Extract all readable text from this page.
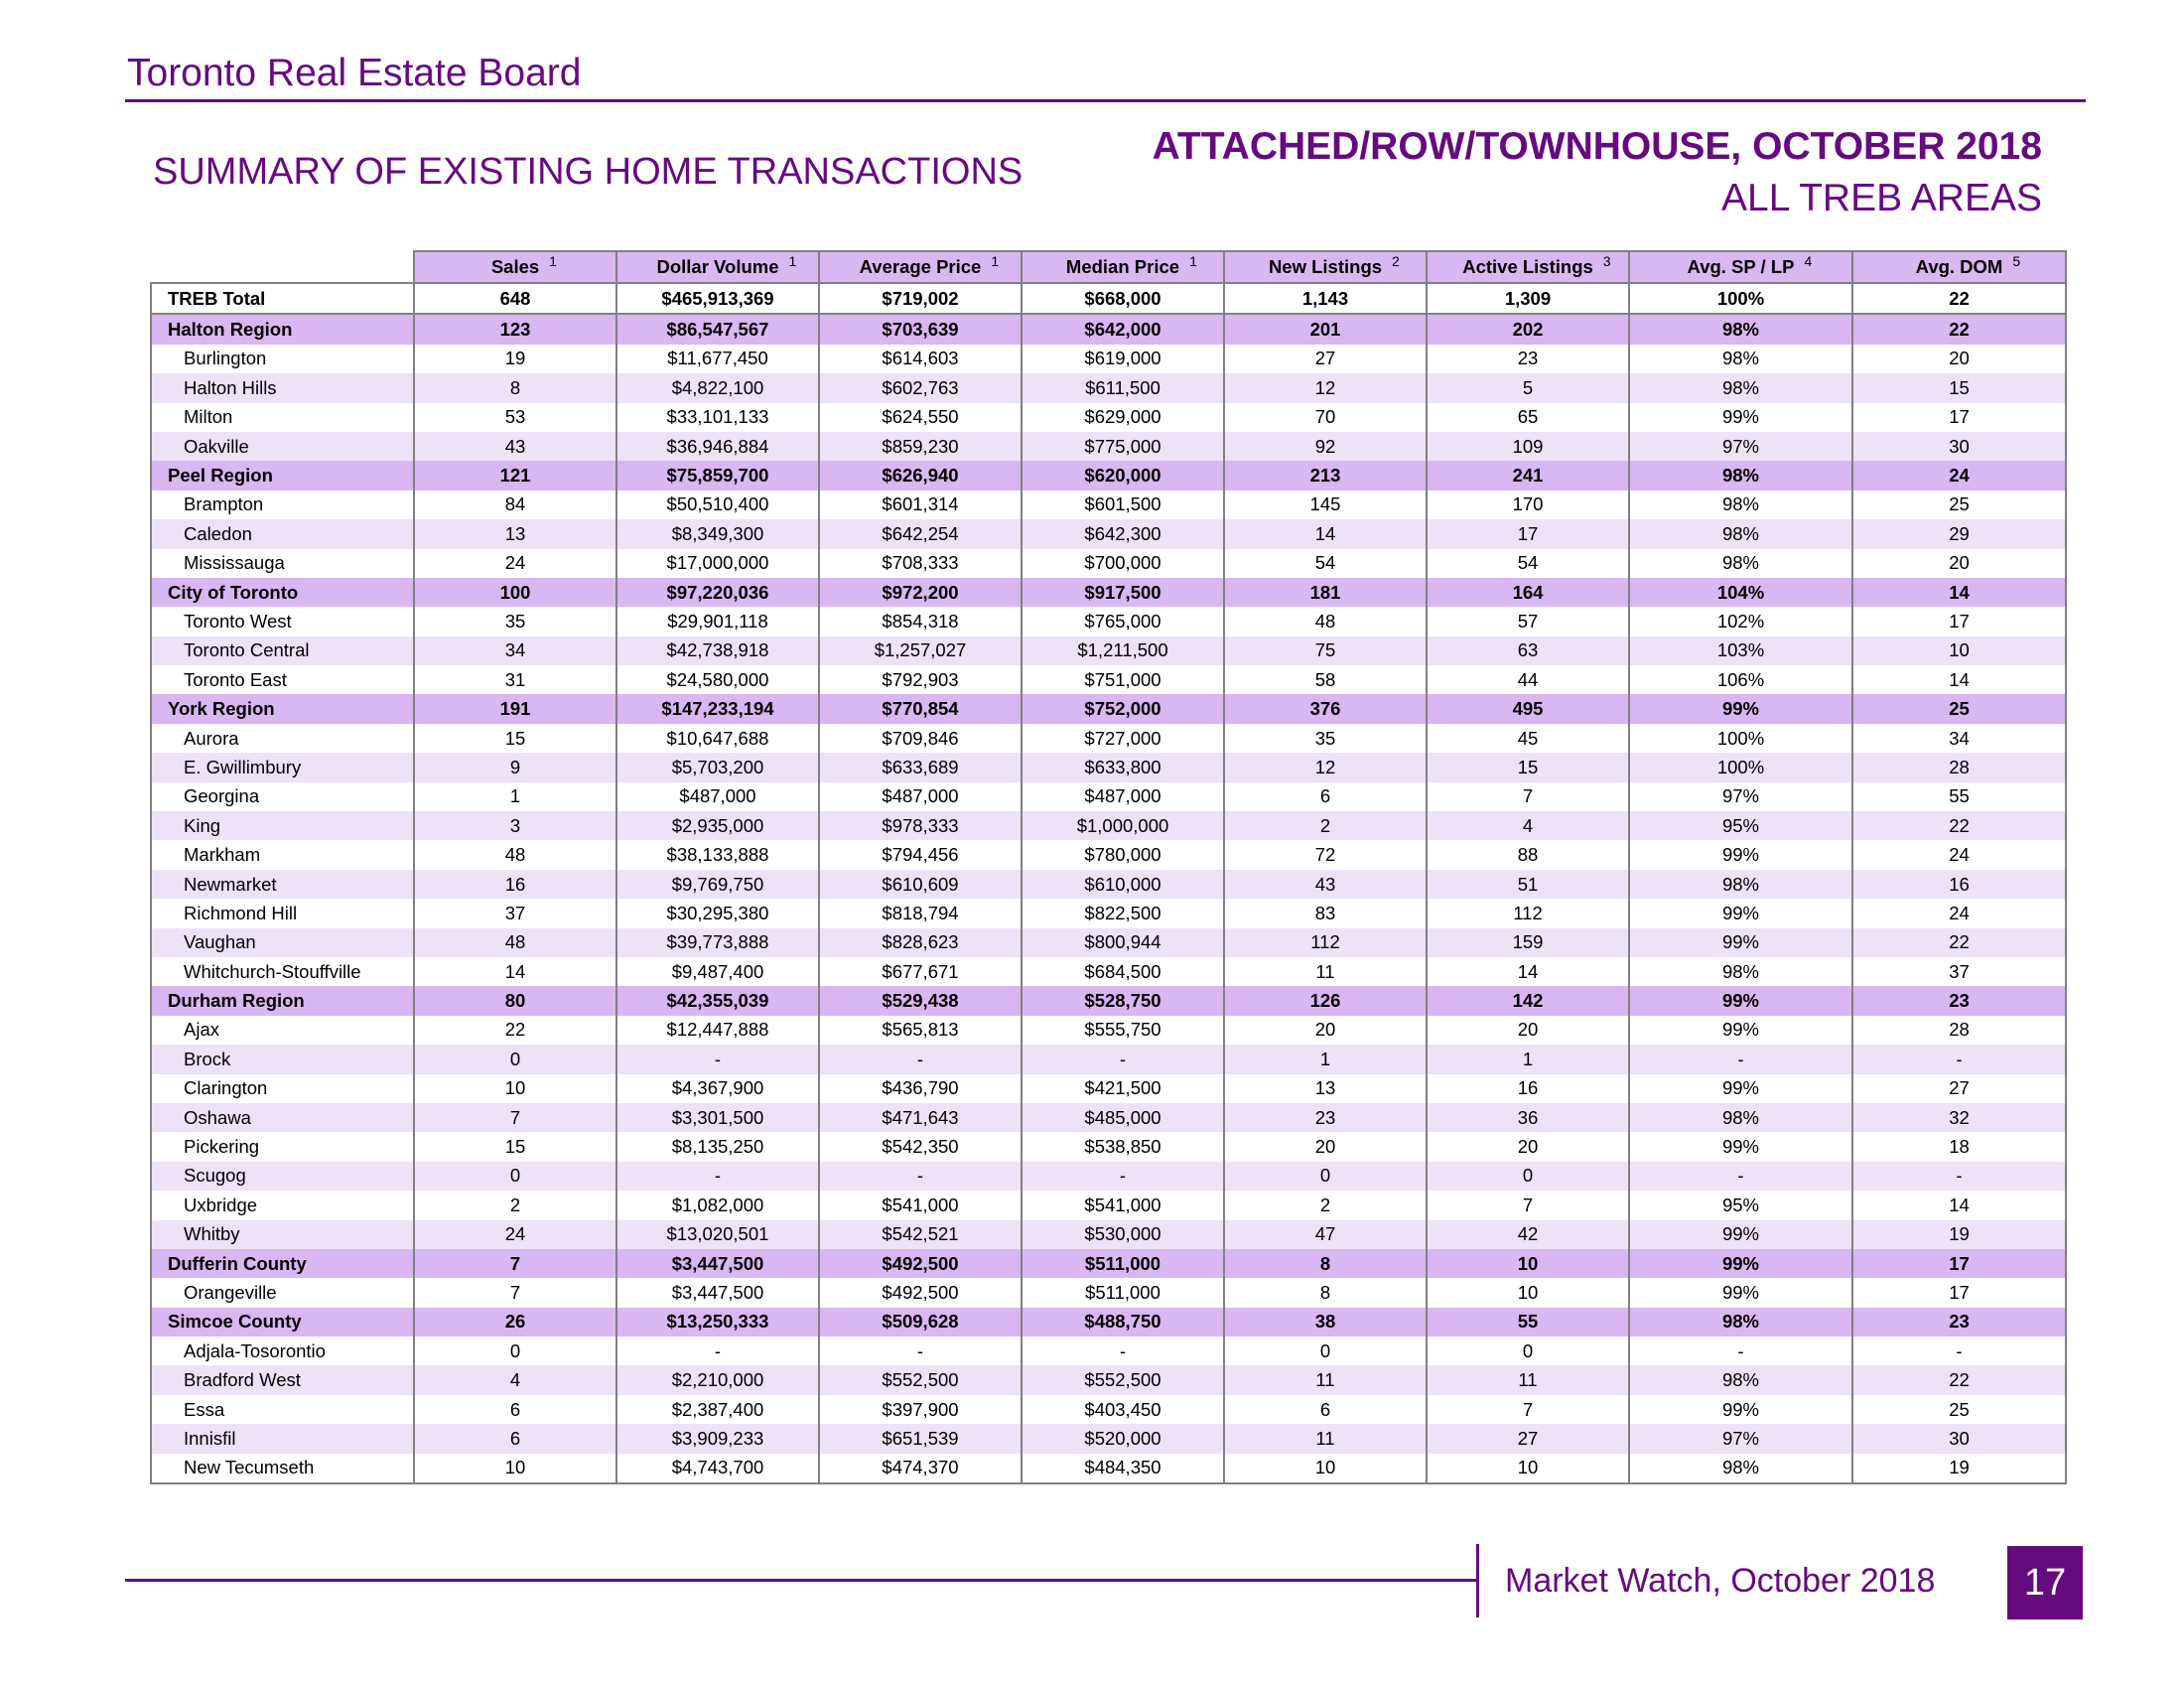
Toronto Real Estate Board
SUMMARY OF EXISTING HOME TRANSACTIONS
ATTACHED/ROW/TOWNHOUSE, OCTOBER 2018
ALL TREB AREAS
	Sales 1	Dollar Volume 1	Average Price 1	Median Price 1	New Listings 2	Active Listings 3	Avg. SP / LP 4	Avg. DOM 5

TREB Total	648	$465,913,369	$719,002	$668,000	1,143	1,309	100%	22
Halton Region	123	$86,547,567	$703,639	$642,000	201	202	98%	22
Burlington	19	$11,677,450	$614,603	$619,000	27	23	98%	20
Halton Hills	8	$4,822,100	$602,763	$611,500	12	5	98%	15
Milton	53	$33,101,133	$624,550	$629,000	70	65	99%	17
Oakville	43	$36,946,884	$859,230	$775,000	92	109	97%	30
Peel Region	121	$75,859,700	$626,940	$620,000	213	241	98%	24
Brampton	84	$50,510,400	$601,314	$601,500	145	170	98%	25
Caledon	13	$8,349,300	$642,254	$642,300	14	17	98%	29
Mississauga	24	$17,000,000	$708,333	$700,000	54	54	98%	20
City of Toronto	100	$97,220,036	$972,200	$917,500	181	164	104%	14
Toronto West	35	$29,901,118	$854,318	$765,000	48	57	102%	17
Toronto Central	34	$42,738,918	$1,257,027	$1,211,500	75	63	103%	10
Toronto East	31	$24,580,000	$792,903	$751,000	58	44	106%	14
York Region	191	$147,233,194	$770,854	$752,000	376	495	99%	25
Aurora	15	$10,647,688	$709,846	$727,000	35	45	100%	34
E. Gwillimbury	9	$5,703,200	$633,689	$633,800	12	15	100%	28
Georgina	1	$487,000	$487,000	$487,000	6	7	97%	55
King	3	$2,935,000	$978,333	$1,000,000	2	4	95%	22
Markham	48	$38,133,888	$794,456	$780,000	72	88	99%	24
Newmarket	16	$9,769,750	$610,609	$610,000	43	51	98%	16
Richmond Hill	37	$30,295,380	$818,794	$822,500	83	112	99%	24
Vaughan	48	$39,773,888	$828,623	$800,944	112	159	99%	22
Whitchurch-Stouffville	14	$9,487,400	$677,671	$684,500	11	14	98%	37
Durham Region	80	$42,355,039	$529,438	$528,750	126	142	99%	23
Ajax	22	$12,447,888	$565,813	$555,750	20	20	99%	28
Brock	0	-	-	-	1	1	-	-
Clarington	10	$4,367,900	$436,790	$421,500	13	16	99%	27
Oshawa	7	$3,301,500	$471,643	$485,000	23	36	98%	32
Pickering	15	$8,135,250	$542,350	$538,850	20	20	99%	18
Scugog	0	-	-	-	0	0	-	-
Uxbridge	2	$1,082,000	$541,000	$541,000	2	7	95%	14
Whitby	24	$13,020,501	$542,521	$530,000	47	42	99%	19
Dufferin County	7	$3,447,500	$492,500	$511,000	8	10	99%	17
Orangeville	7	$3,447,500	$492,500	$511,000	8	10	99%	17
Simcoe County	26	$13,250,333	$509,628	$488,750	38	55	98%	23
Adjala-Tosorontio	0	-	-	-	0	0	-	-
Bradford West	4	$2,210,000	$552,500	$552,500	11	11	98%	22
Essa	6	$2,387,400	$397,900	$403,450	6	7	99%	25
Innisfil	6	$3,909,233	$651,539	$520,000	11	27	97%	30
New Tecumseth	10	$4,743,700	$474,370	$484,350	10	10	98%	19
Market Watch, October 2018	17
